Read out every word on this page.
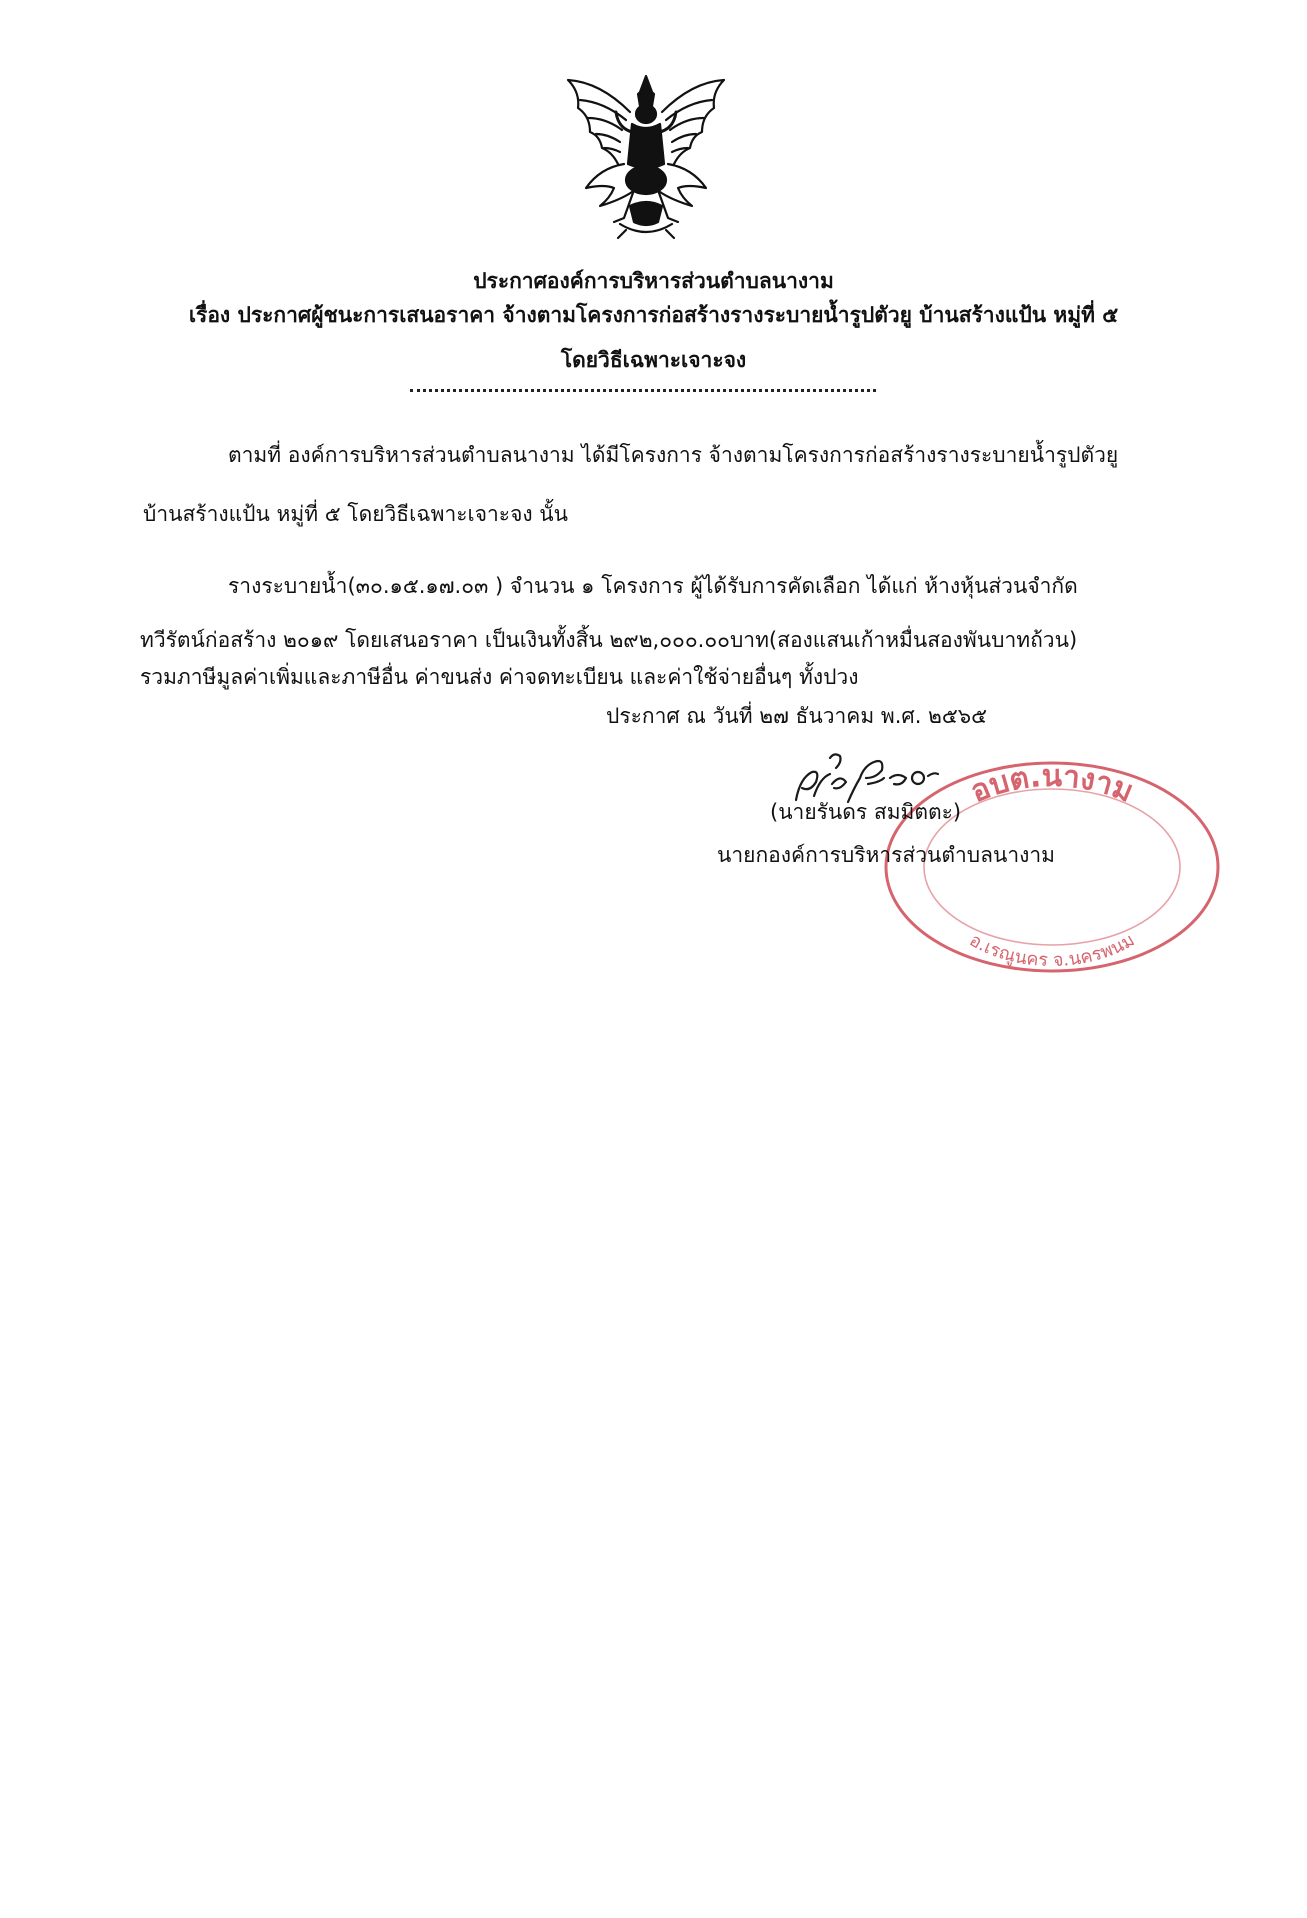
ประกาศองค์การบริหารส่วนตำบลนางาม
เรื่อง ประกาศผู้ชนะการเสนอราคา จ้างตามโครงการก่อสร้างรางระบายน้ำรูปตัวยู บ้านสร้างแป้น หมู่ที่ ๕
โดยวิธีเฉพาะเจาะจง
ตามที่ องค์การบริหารส่วนตำบลนางาม ได้มีโครงการ จ้างตามโครงการก่อสร้างรางระบายน้ำรูปตัวยู
บ้านสร้างแป้น หมู่ที่ ๕ โดยวิธีเฉพาะเจาะจง นั้น
รางระบายน้ำ(๓๐.๑๕.๑๗.๐๓ ) จำนวน ๑ โครงการ ผู้ได้รับการคัดเลือก ได้แก่ ห้างหุ้นส่วนจำกัด
ทวีรัตน์ก่อสร้าง ๒๐๑๙ โดยเสนอราคา เป็นเงินทั้งสิ้น ๒๙๒,๐๐๐.๐๐บาท(สองแสนเก้าหมื่นสองพันบาทถ้วน)
รวมภาษีมูลค่าเพิ่มและภาษีอื่น ค่าขนส่ง ค่าจดทะเบียน และค่าใช้จ่ายอื่นๆ ทั้งปวง
ประกาศ ณ วันที่ ๒๗ ธันวาคม พ.ศ. ๒๕๖๕
อบต.นางาม
อ.เรณูนคร จ.นครพนม
(นายรันดร สมมิตตะ)
นายกองค์การบริหารส่วนตำบลนางาม
